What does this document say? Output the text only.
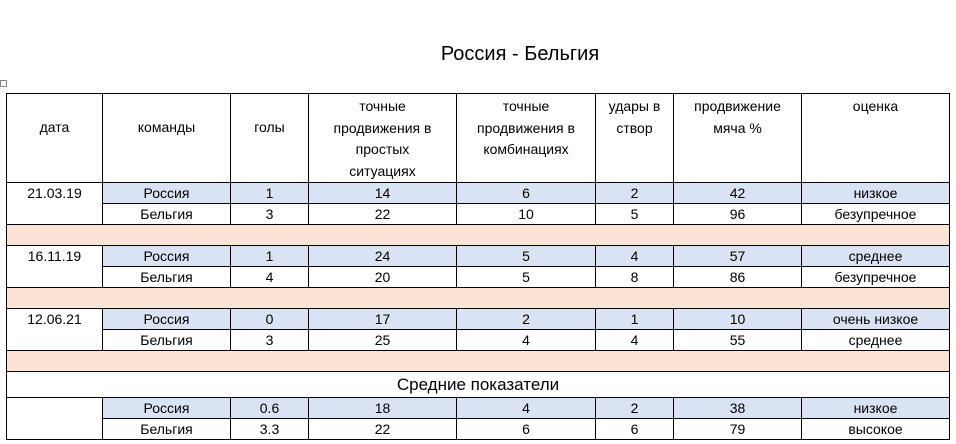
Россия - Бельгия
дата	команды	голы	точные продвижения в простых ситуациях	точные продвижения в комбинациях	удары в створ	продвижение мяча %	оценка
21.03.19	Россия	1	14	6	2	42	низкое
	Бельгия	3	22	10	5	96	безупречное

16.11.19	Россия	1	24	5	4	57	среднее
	Бельгия	4	20	5	8	86	безупречное

12.06.21	Россия	0	17	2	1	10	очень низкое
	Бельгия	3	25	4	4	55	среднее

Средние показатели							
	Россия	0.6	18	4	2	38	низкое
	Бельгия	3.3	22	6	6	79	высокое
